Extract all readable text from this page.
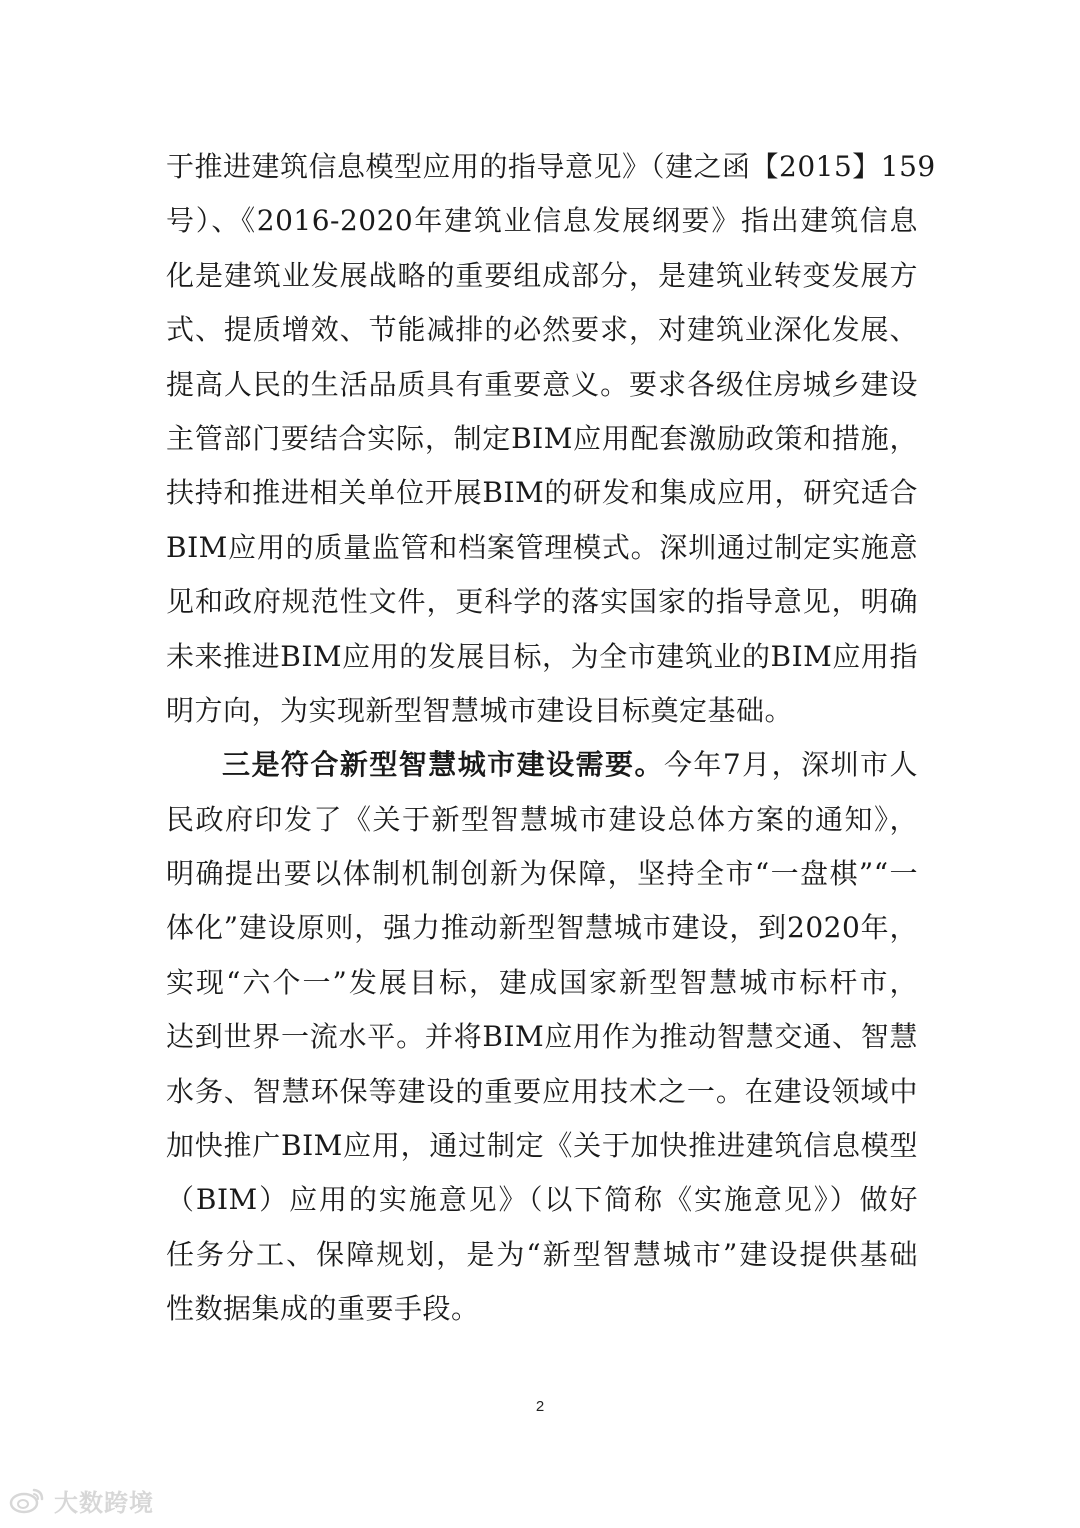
于推进建筑信息模型应用的指导意见》（建之函【2015】159
号）、《2016-2020年建筑业信息发展纲要》指出建筑信息
化是建筑业发展战略的重要组成部分，是建筑业转变发展方
式、提质增效、节能减排的必然要求，对建筑业深化发展、
提高人民的生活品质具有重要意义。要求各级住房城乡建设
主管部门要结合实际，制定BIM应用配套激励政策和措施，
扶持和推进相关单位开展BIM的研发和集成应用，研究适合
BIM应用的质量监管和档案管理模式。深圳通过制定实施意
见和政府规范性文件，更科学的落实国家的指导意见，明确
未来推进BIM应用的发展目标，为全市建筑业的BIM应用指
明方向，为实现新型智慧城市建设目标奠定基础。
三是符合新型智慧城市建设需要。今年7月，深圳市人
民政府印发了《关于新型智慧城市建设总体方案的通知》，
明确提出要以体制机制创新为保障，坚持全市“一盘棋”“一
体化”建设原则，强力推动新型智慧城市建设，到2020年，
实现“六个一”发展目标，建成国家新型智慧城市标杆市，
达到世界一流水平。并将BIM应用作为推动智慧交通、智慧
水务、智慧环保等建设的重要应用技术之一。在建设领域中
加快推广BIM应用，通过制定《关于加快推进建筑信息模型
（BIM）应用的实施意见》（以下简称《实施意见》）做好
任务分工、保障规划，是为“新型智慧城市”建设提供基础
性数据集成的重要手段。
2
大数跨境
